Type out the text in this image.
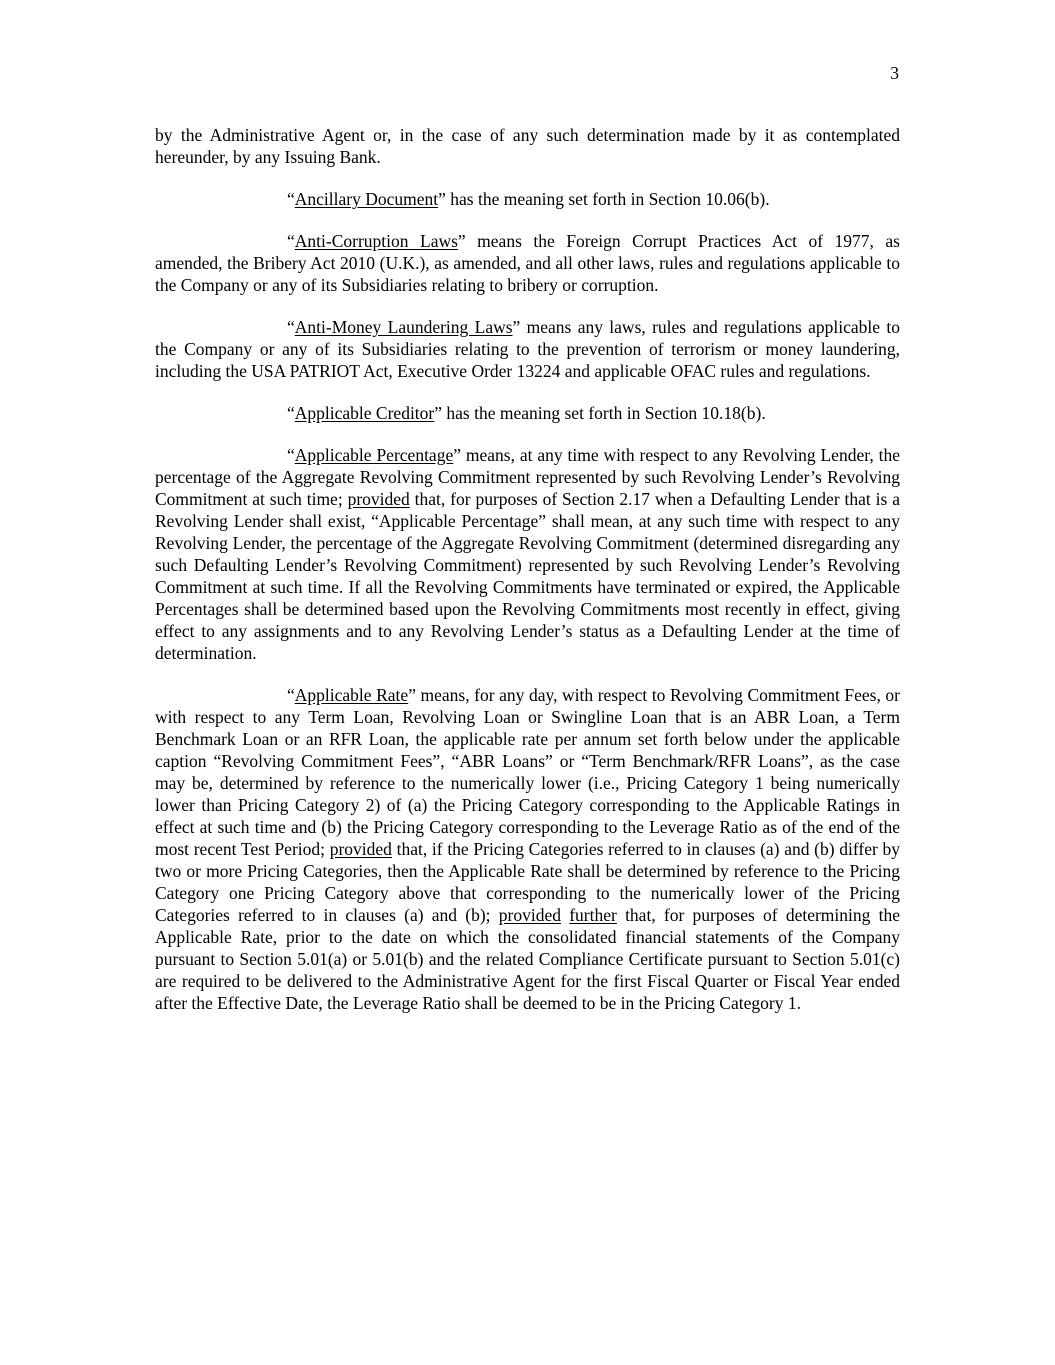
3

by the Administrative Agent or, in the case of any such determination made by it as contemplated hereunder, by any Issuing Bank.

“Ancillary Document” has the meaning set forth in Section 10.06(b).

“Anti-Corruption Laws” means the Foreign Corrupt Practices Act of 1977, as amended, the Bribery Act 2010 (U.K.), as amended, and all other laws, rules and regulations applicable to the Company or any of its Subsidiaries relating to bribery or corruption.

“Anti-Money Laundering Laws” means any laws, rules and regulations applicable to the Company or any of its Subsidiaries relating to the prevention of terrorism or money laundering, including the USA PATRIOT Act, Executive Order 13224 and applicable OFAC rules and regulations.

“Applicable Creditor” has the meaning set forth in Section 10.18(b).

“Applicable Percentage” means, at any time with respect to any Revolving Lender, the percentage of the Aggregate Revolving Commitment represented by such Revolving Lender’s Revolving Commitment at such time; provided that, for purposes of Section 2.17 when a Defaulting Lender that is a Revolving Lender shall exist, “Applicable Percentage” shall mean, at any such time with respect to any Revolving Lender, the percentage of the Aggregate Revolving Commitment (determined disregarding any such Defaulting Lender’s Revolving Commitment) represented by such Revolving Lender’s Revolving Commitment at such time. If all the Revolving Commitments have terminated or expired, the Applicable Percentages shall be determined based upon the Revolving Commitments most recently in effect, giving effect to any assignments and to any Revolving Lender’s status as a Defaulting Lender at the time of determination.

“Applicable Rate” means, for any day, with respect to Revolving Commitment Fees, or with respect to any Term Loan, Revolving Loan or Swingline Loan that is an ABR Loan, a Term Benchmark Loan or an RFR Loan, the applicable rate per annum set forth below under the applicable caption “Revolving Commitment Fees”, “ABR Loans” or “Term Benchmark/RFR Loans”, as the case may be, determined by reference to the numerically lower (i.e., Pricing Category 1 being numerically lower than Pricing Category 2) of (a) the Pricing Category corresponding to the Applicable Ratings in effect at such time and (b) the Pricing Category corresponding to the Leverage Ratio as of the end of the most recent Test Period; provided that, if the Pricing Categories referred to in clauses (a) and (b) differ by two or more Pricing Categories, then the Applicable Rate shall be determined by reference to the Pricing Category one Pricing Category above that corresponding to the numerically lower of the Pricing Categories referred to in clauses (a) and (b); provided further that, for purposes of determining the Applicable Rate, prior to the date on which the consolidated financial statements of the Company pursuant to Section 5.01(a) or 5.01(b) and the related Compliance Certificate pursuant to Section 5.01(c) are required to be delivered to the Administrative Agent for the first Fiscal Quarter or Fiscal Year ended after the Effective Date, the Leverage Ratio shall be deemed to be in the Pricing Category 1.
